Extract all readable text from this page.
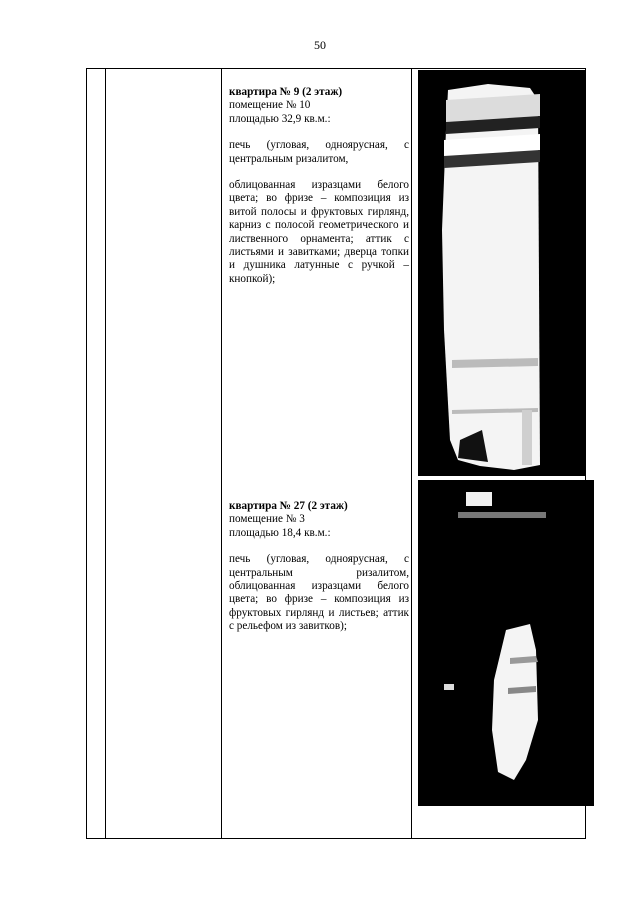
50

квартира № 9 (2 этаж)

помещение № 10

площадью 32,9 кв.м.:

печь (угловая, одноярусная, с центральным ризалитом,

облицованная изразцами белого цвета; во фризе – композиция из витой полосы и фруктовых гирлянд, карниз с полосой геометрического и лиственного орнамента; аттик с листьями и завитками; дверца топки и душника латунные с ручкой – кнопкой);

квартира № 27 (2 этаж)

помещение № 3

площадью 18,4 кв.м.:

печь (угловая, одноярусная, с центральным ризалитом, облицованная изразцами белого цвета; во фризе – композиция из фруктовых гирлянд и листьев; аттик с рельефом из завитков);
